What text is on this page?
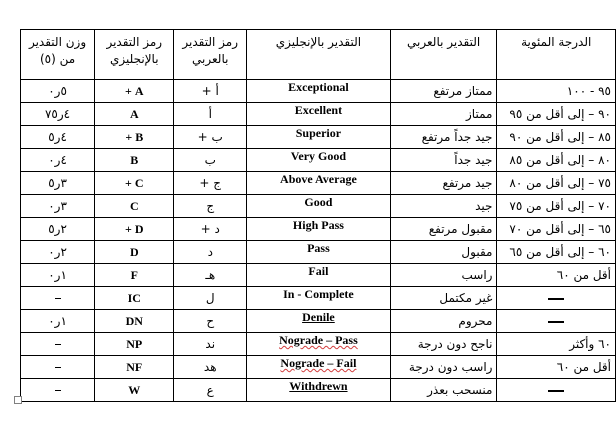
الدرجة المئوية	التقدير بالعربي	التقدير بالإنجليزي	رمز التقدير بالعربي	رمز التقدير بالإنجليزي	وزن التقدير من (٥)
٩٥ - ١٠٠	ممتاز مرتفع	Exceptional	أ +	A +	٥ر٠
٩٠ – إلى أقل من ٩٥	ممتاز	Excellent	أ	A	٤ر٧٥
٨٥ – إلى أقل من ٩٠	جيد جداً مرتفع	Superior	ب +	B +	٤ر٥
٨٠ – إلى أقل من ٨٥	جيد جداً	Very Good	ب	B	٤ر٠
٧٥ – إلى أقل من ٨٠	جيد مرتفع	Above Average	ج +	C +	٣ر٥
٧٠ – إلى أقل من ٧٥	جيد	Good	ج	C	٣ر٠
٦٥ – إلى أقل من ٧٠	مقبول مرتفع	High Pass	د +	D +	٢ر٥
٦٠ – إلى أقل من ٦٥	مقبول	Pass	د	D	٢ر٠
أقل من ٦٠	راسب	Fail	هـ	F	١ر٠
	غير مكتمل	In - Complete	ل	IC	
	محروم	Denile	ح	DN	١ر٠
٦٠ وأكثر	ناجح دون درجة	Nograde – Pass	ند	NP	
أقل من ٦٠	راسب دون درجة	Nograde – Fail	هد	NF	
	منسحب بعذر	Withdrewn	ع	W	
